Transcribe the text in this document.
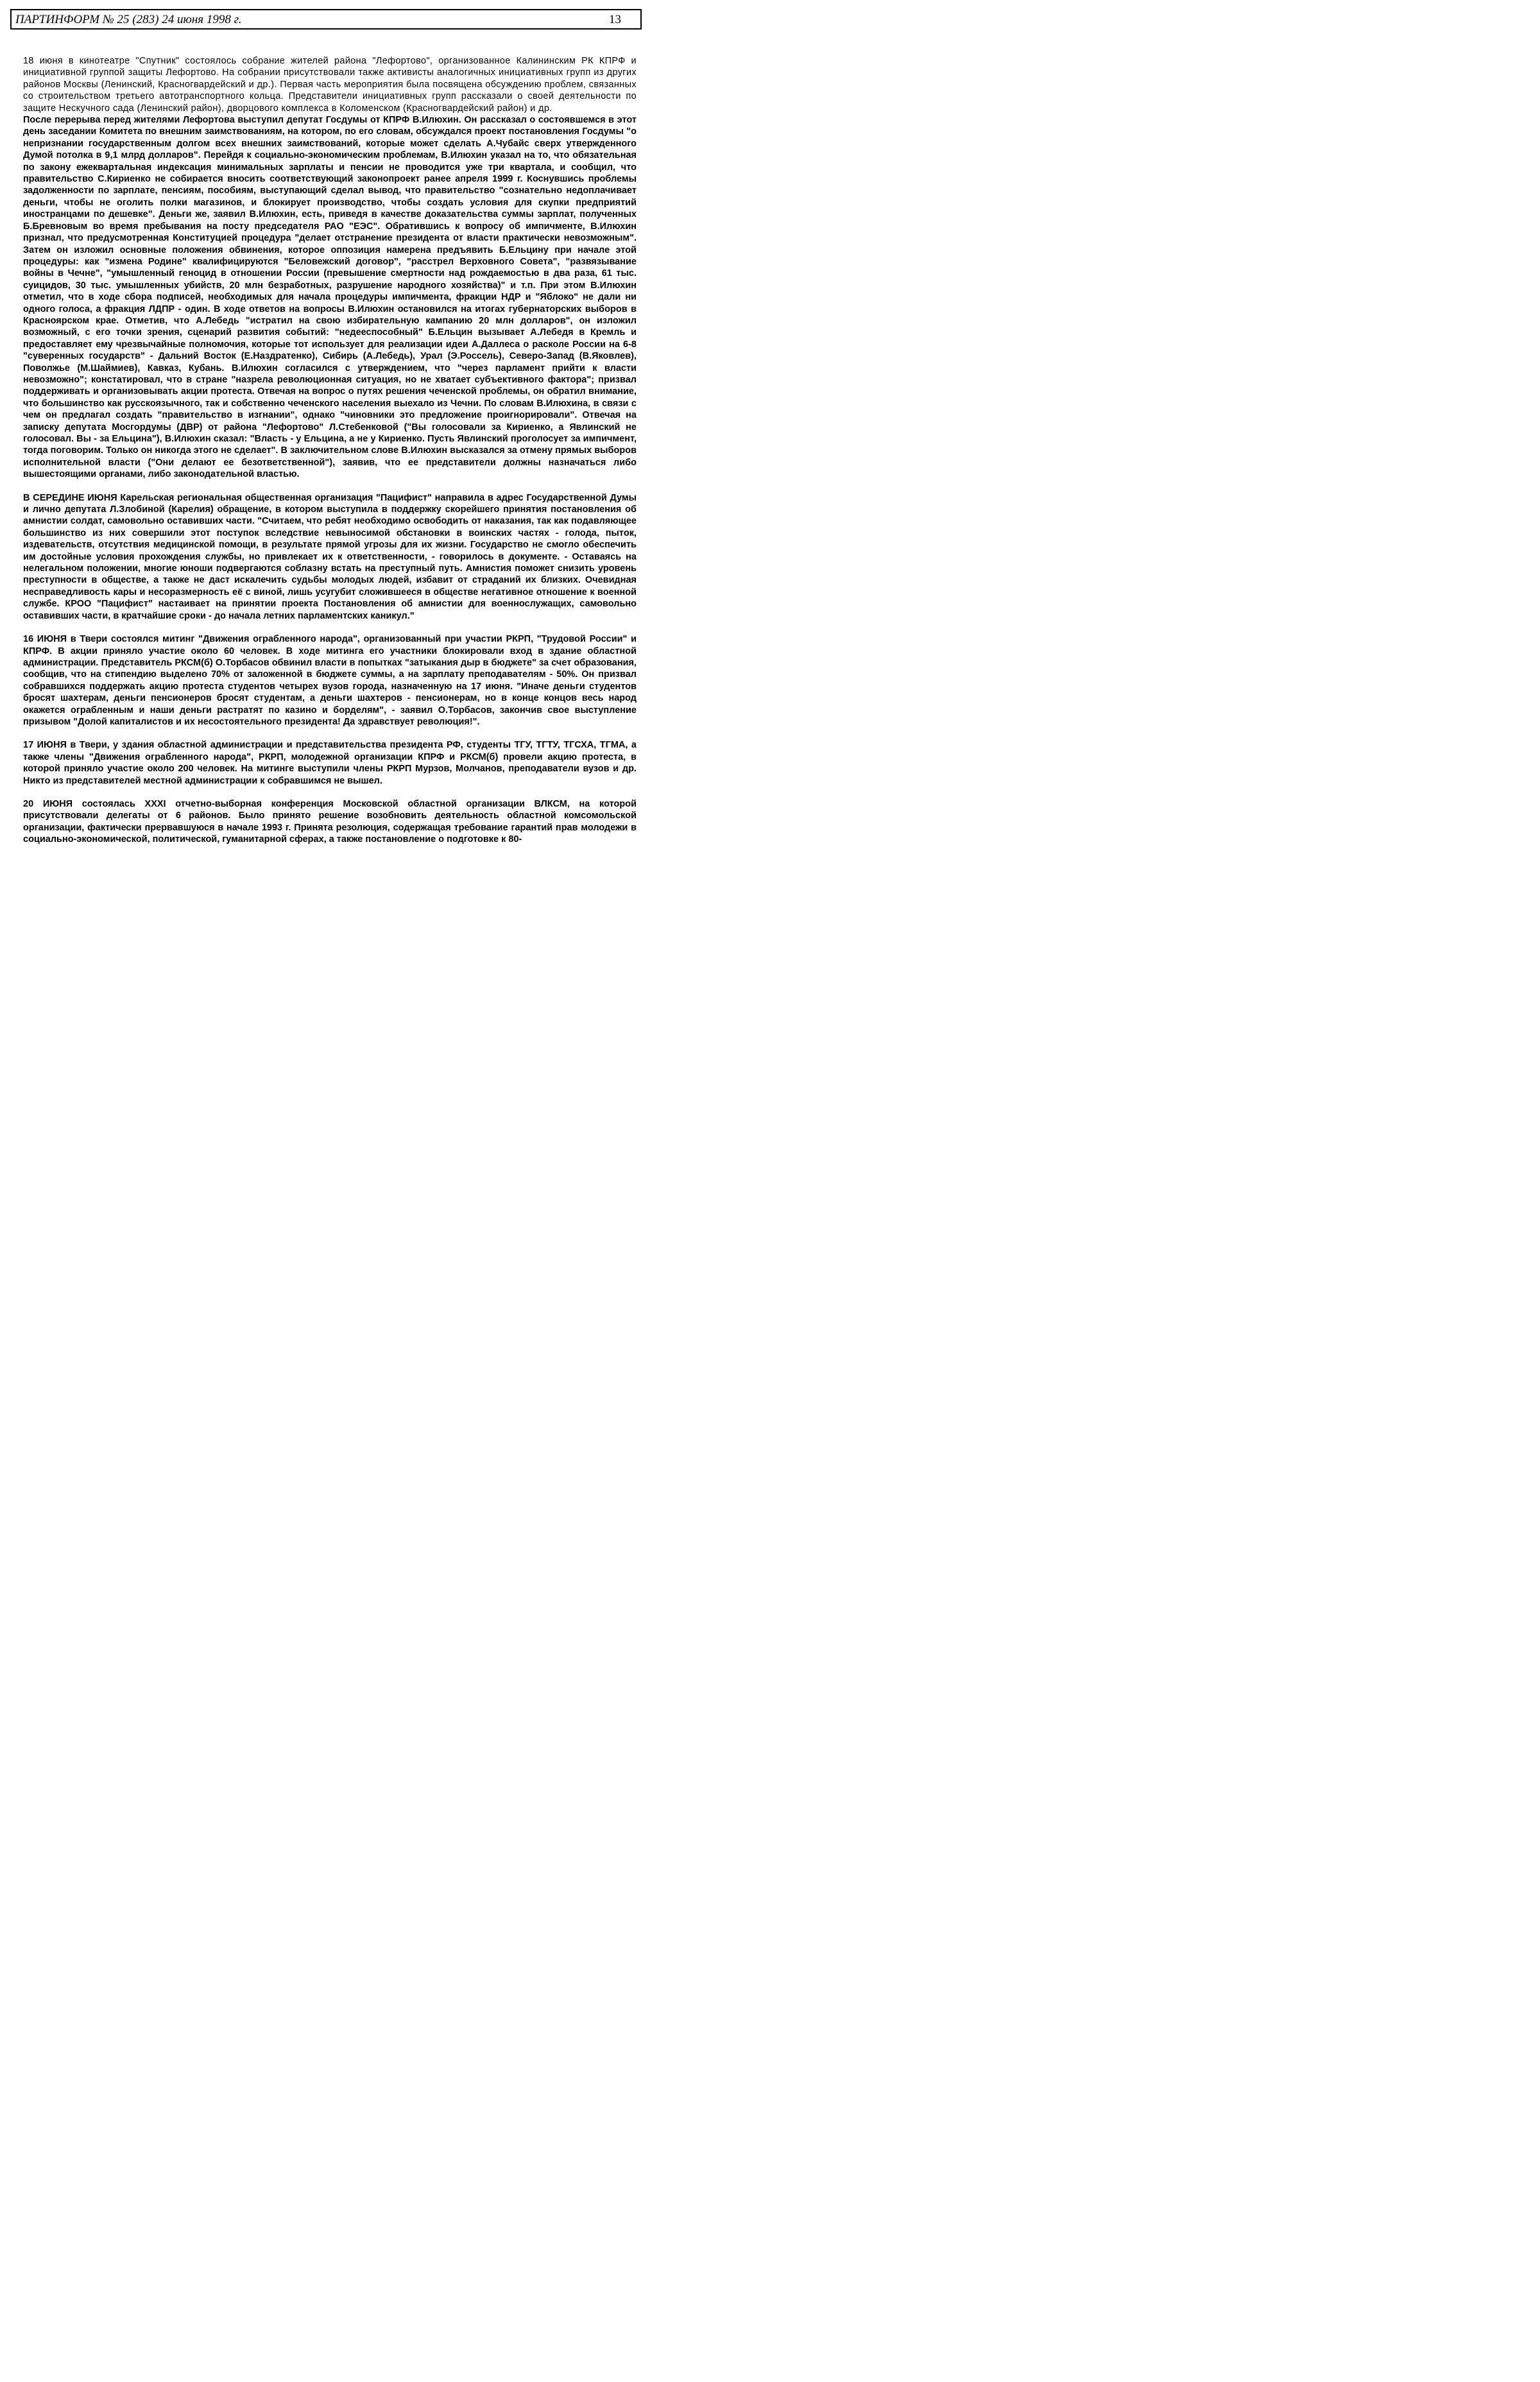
ПАРТИНФОРМ № 25 (283) 24 июня 1998 г.	13

18 июня в кинотеатре "Спутник" состоялось собрание жителей района "Лефортово", организованное Калининским РК КПРФ и инициативной группой защиты Лефортово. На собрании присутствовали также активисты аналогичных инициативных групп из других районов Москвы (Ленинский, Красногвардейский и др.). Первая часть мероприятия была посвящена обсуждению проблем, связанных со строительством третьего автотранспортного кольца. Представители инициативных групп рассказали о своей деятельности по защите Нескучного сада (Ленинский район), дворцового комплекса в Коломенском (Красногвардейский район) и др.

После перерыва перед жителями Лефортова выступил депутат Госдумы от КПРФ В.Илюхин. Он рассказал о состоявшемся в этот день заседании Комитета по внешним заимствованиям, на котором, по его словам, обсуждался проект постановления Госдумы "о непризнании государственным долгом всех внешних заимствований, которые может сделать А.Чубайс сверх утвержденного Думой потолка в 9,1 млрд долларов". Перейдя к социально-экономическим проблемам, В.Илюхин указал на то, что обязательная по закону ежеквартальная индексация минимальных зарплаты и пенсии не проводится уже три квартала, и сообщил, что правительство С.Кириенко не собирается вносить соответствующий законопроект ранее апреля 1999 г. Коснувшись проблемы задолженности по зарплате, пенсиям, пособиям, выступающий сделал вывод, что правительство "сознательно недоплачивает деньги, чтобы не оголить полки магазинов, и блокирует производство, чтобы создать условия для скупки предприятий иностранцами по дешевке". Деньги же, заявил В.Илюхин, есть, приведя в качестве доказательства суммы зарплат, полученных Б.Бревновым во время пребывания на посту председателя РАО "ЕЭС". Обратившись к вопросу об импичменте, В.Илюхин признал, что предусмотренная Конституцией процедура "делает отстранение президента от власти практически невозможным". Затем он изложил основные положения обвинения, которое оппозиция намерена предъявить Б.Ельцину при начале этой процедуры: как "измена Родине" квалифицируются "Беловежский договор", "расстрел Верховного Совета", "развязывание войны в Чечне", "умышленный геноцид в отношении России (превышение смертности над рождаемостью в два раза, 61 тыс. суицидов, 30 тыс. умышленных убийств, 20 млн безработных, разрушение народного хозяйства)" и т.п. При этом В.Илюхин отметил, что в ходе сбора подписей, необходимых для начала процедуры импичмента, фракции НДР и "Яблоко" не дали ни одного голоса, а фракция ЛДПР - один. В ходе ответов на вопросы В.Илюхин остановился на итогах губернаторских выборов в Красноярском крае. Отметив, что А.Лебедь "истратил на свою избирательную кампанию 20 млн долларов", он изложил возможный, с его точки зрения, сценарий развития событий: "недееспособный" Б.Ельцин вызывает А.Лебедя в Кремль и предоставляет ему чрезвычайные полномочия, которые тот использует для реализации идеи А.Даллеса о расколе России на 6-8 "суверенных государств" - Дальний Восток (Е.Наздратенко), Сибирь (А.Лебедь), Урал (Э.Россель), Северо-Запад (В.Яковлев), Поволжье (М.Шаймиев), Кавказ, Кубань. В.Илюхин согласился с утверждением, что "через парламент прийти к власти невозможно"; констатировал, что в стране "назрела революционная ситуация, но не хватает субъективного фактора"; призвал поддерживать и организовывать акции протеста. Отвечая на вопрос о путях решения чеченской проблемы, он обратил внимание, что большинство как русскоязычного, так и собственно чеченского населения выехало из Чечни. По словам В.Илюхина, в связи с чем он предлагал создать "правительство в изгнании", однако "чиновники это предложение проигнорировали". Отвечая на записку депутата Мосгордумы (ДВР) от района "Лефортово" Л.Стебенковой ("Вы голосовали за Кириенко, а Явлинский не голосовал. Вы - за Ельцина"), В.Илюхин сказал: "Власть - у Ельцина, а не у Кириенко. Пусть Явлинский проголосует за импичмент, тогда поговорим. Только он никогда этого не сделает". В заключительном слове В.Илюхин высказался за отмену прямых выборов исполнительной власти ("Они делают ее безответственной"), заявив, что ее представители должны назначаться либо вышестоящими органами, либо законодательной властью.

В СЕРЕДИНЕ ИЮНЯ Карельская региональная общественная организация "Пацифист" направила в адрес Государственной Думы и лично депутата Л.Злобиной (Карелия) обращение, в котором выступила в поддержку скорейшего принятия постановления об амнистии солдат, самовольно оставивших части. "Считаем, что ребят необходимо освободить от наказания, так как подавляющее большинство из них совершили этот поступок вследствие невыносимой обстановки в воинских частях - голода, пыток, издевательств, отсутствия медицинской помощи, в результате прямой угрозы для их жизни. Государство не смогло обеспечить им достойные условия прохождения службы, но привлекает их к ответственности, - говорилось в документе. - Оставаясь на нелегальном положении, многие юноши подвергаются соблазну встать на преступный путь. Амнистия поможет снизить уровень преступности в обществе, а также не даст искалечить судьбы молодых людей, избавит от страданий их близких. Очевидная несправедливость кары и несоразмерность её с виной, лишь усугубит сложившееся в обществе негативное отношение к военной службе. КРОО "Пацифист" настаивает на принятии проекта Постановления об амнистии для военнослужащих, самовольно оставивших части, в кратчайшие сроки - до начала летних парламентских каникул."

16 ИЮНЯ в Твери состоялся митинг "Движения ограбленного народа", организованный при участии РКРП, "Трудовой России" и КПРФ. В акции приняло участие около 60 человек. В ходе митинга его участники блокировали вход в здание областной администрации. Представитель РКСМ(б) О.Торбасов обвинил власти в попытках "затыкания дыр в бюджете" за счет образования, сообщив, что на стипендию выделено 70% от заложенной в бюджете суммы, а на зарплату преподавателям - 50%. Он призвал собравшихся поддержать акцию протеста студентов четырех вузов города, назначенную на 17 июня. "Иначе деньги студентов бросят шахтерам, деньги пенсионеров бросят студентам, а деньги шахтеров - пенсионерам, но в конце концов весь народ окажется ограбленным и наши деньги растратят по казино и борделям", - заявил О.Торбасов, закончив свое выступление призывом "Долой капиталистов и их несостоятельного президента! Да здравствует революция!".

17 ИЮНЯ в Твери, у здания областной администрации и представительства президента РФ, студенты ТГУ, ТГТУ, ТГСХА, ТГМА, а также члены "Движения ограбленного народа", РКРП, молодежной организации КПРФ и РКСМ(б) провели акцию протеста, в которой приняло участие около 200 человек. На митинге выступили члены РКРП Мурзов, Молчанов, преподаватели вузов и др. Никто из представителей местной администрации к собравшимся не вышел.

20 ИЮНЯ состоялась XXXI отчетно-выборная конференция Московской областной организации ВЛКСМ, на которой присутствовали делегаты от 6 районов. Было принято решение возобновить деятельность областной комсомольской организации, фактически прервавшуюся в начале 1993 г. Принята резолюция, содержащая требование гарантий прав молодежи в социально-экономической, политической, гуманитарной сферах, а также постановление о подготовке к 80-
